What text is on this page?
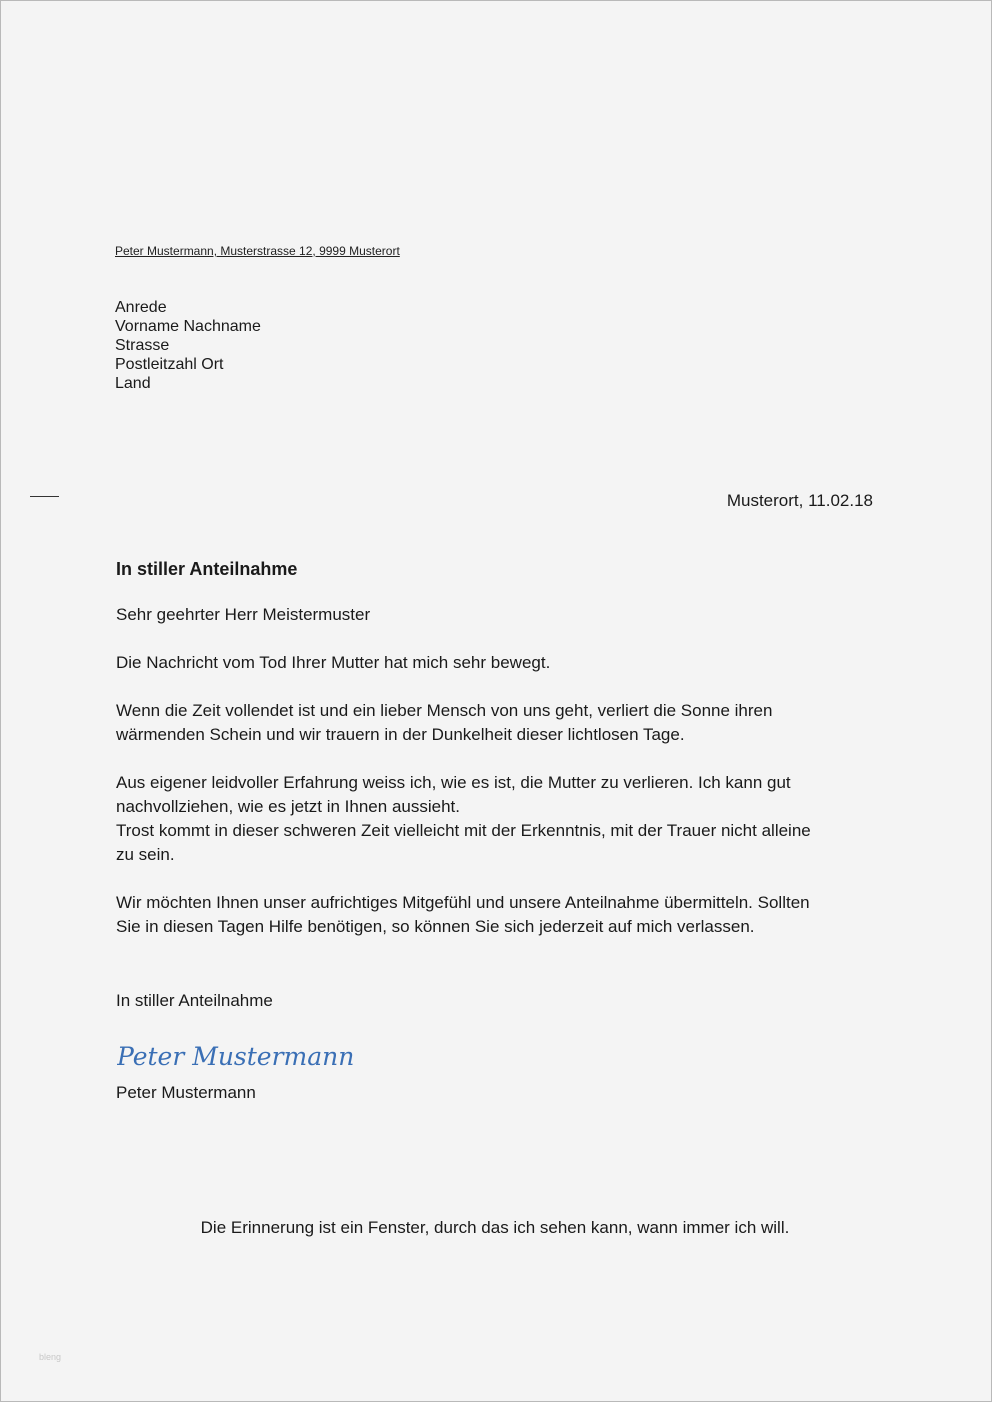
Peter Mustermann, Musterstrasse 12, 9999 Musterort
Anrede
Vorname Nachname
Strasse
Postleitzahl Ort
Land
Musterort, 11.02.18
In stiller Anteilnahme

Sehr geehrter Herr Meistermuster

Die Nachricht vom Tod Ihrer Mutter hat mich sehr bewegt.

Wenn die Zeit vollendet ist und ein lieber Mensch von uns geht, verliert die Sonne ihren
wärmenden Schein und wir trauern in der Dunkelheit dieser lichtlosen Tage.

Aus eigener leidvoller Erfahrung weiss ich, wie es ist, die Mutter zu verlieren. Ich kann gut
nachvollziehen, wie es jetzt in Ihnen aussieht.
Trost kommt in dieser schweren Zeit vielleicht mit der Erkenntnis, mit der Trauer nicht alleine
zu sein.

Wir möchten Ihnen unser aufrichtiges Mitgefühl und unsere Anteilnahme übermitteln. Sollten
Sie in diesen Tagen Hilfe benötigen, so können Sie sich jederzeit auf mich verlassen.

In stiller Anteilnahme
Peter Mustermann
Peter Mustermann
Die Erinnerung ist ein Fenster, durch das ich sehen kann, wann immer ich will.
bleng
